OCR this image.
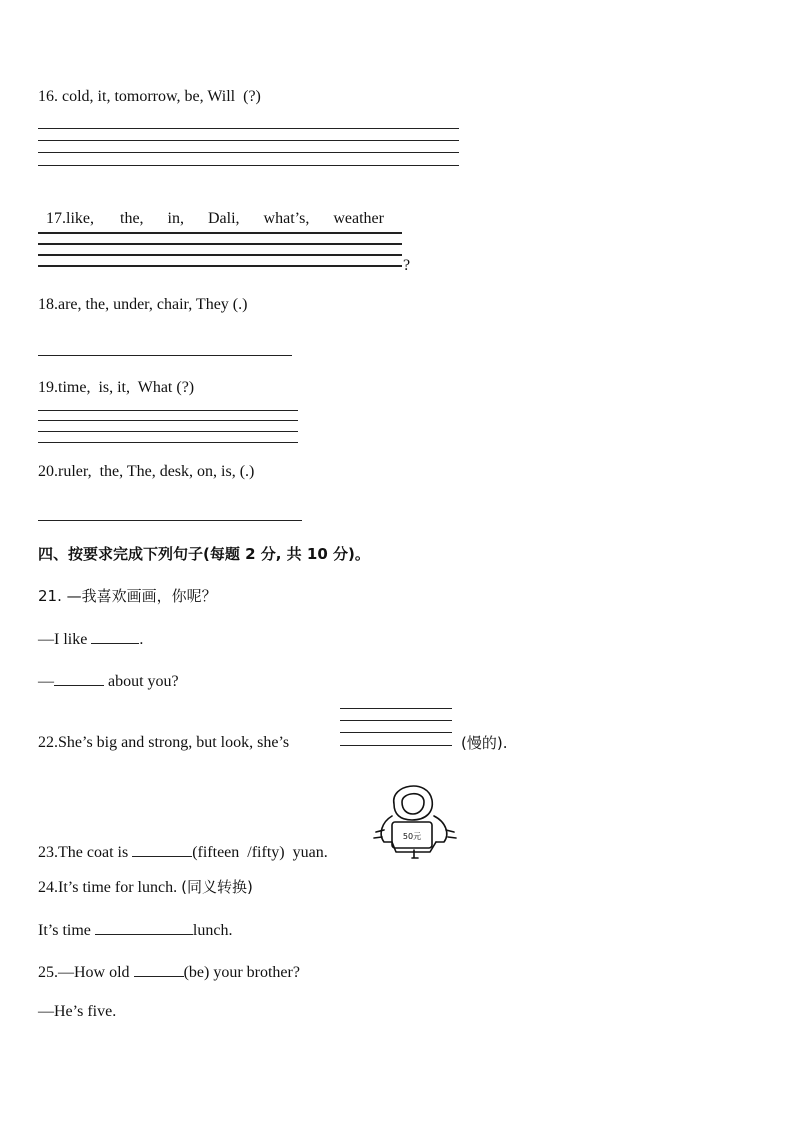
16. cold, it, tomorrow, be, Will  (?)

17.like, the, in, Dali, what’s, weather

?
18.are, the, under, chair, They (.)
19.time,  is, it,  What (?)
20.ruler,  the, The, desk, on, is, (.)
四、按要求完成下列句子(每题 2 分, 共 10 分)。
21. —我喜欢画画，你呢？
—I like	.
—	about you?
22.She’s big and strong, but look, she’s	(慢的).
50元
23.The coat is	(fifteen  /fifty)  yuan.
24.It’s time for lunch. (同义转换)
It’s time	lunch.
25.—How old	(be) your brother?
—He’s five.
